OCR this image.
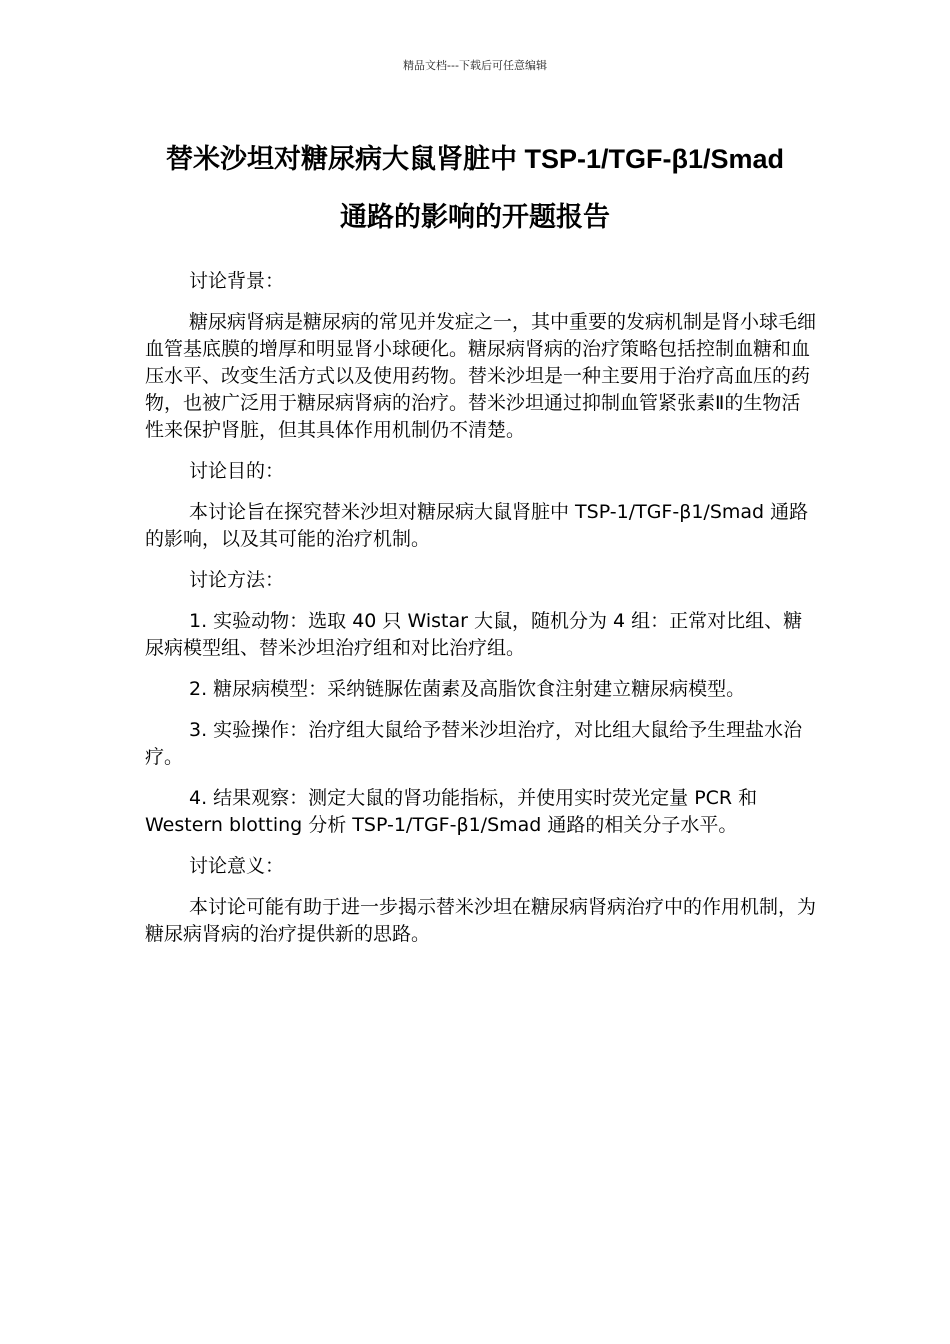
精品文档---下载后可任意编辑
替米沙坦对糖尿病大鼠肾脏中 TSP-1/TGF-β1/Smad
通路的影响的开题报告

讨论背景：

糖尿病肾病是糖尿病的常见并发症之一，其中重要的发病机制是肾小球毛细血管基底膜的增厚和明显肾小球硬化。糖尿病肾病的治疗策略包括控制血糖和血压水平、改变生活方式以及使用药物。替米沙坦是一种主要用于治疗高血压的药物，也被广泛用于糖尿病肾病的治疗。替米沙坦通过抑制血管紧张素Ⅱ的生物活性来保护肾脏，但其具体作用机制仍不清楚。

讨论目的：

本讨论旨在探究替米沙坦对糖尿病大鼠肾脏中 TSP-1/TGF-β1/Smad 通路的影响，以及其可能的治疗机制。

讨论方法：

1. 实验动物：选取 40 只 Wistar 大鼠，随机分为 4 组：正常对比组、糖尿病模型组、替米沙坦治疗组和对比治疗组。

2. 糖尿病模型：采纳链脲佐菌素及高脂饮食注射建立糖尿病模型。

3. 实验操作：治疗组大鼠给予替米沙坦治疗，对比组大鼠给予生理盐水治疗。

4. 结果观察：测定大鼠的肾功能指标，并使用实时荧光定量 PCR 和 Western blotting 分析 TSP-1/TGF-β1/Smad 通路的相关分子水平。

讨论意义：

本讨论可能有助于进一步揭示替米沙坦在糖尿病肾病治疗中的作用机制，为糖尿病肾病的治疗提供新的思路。
